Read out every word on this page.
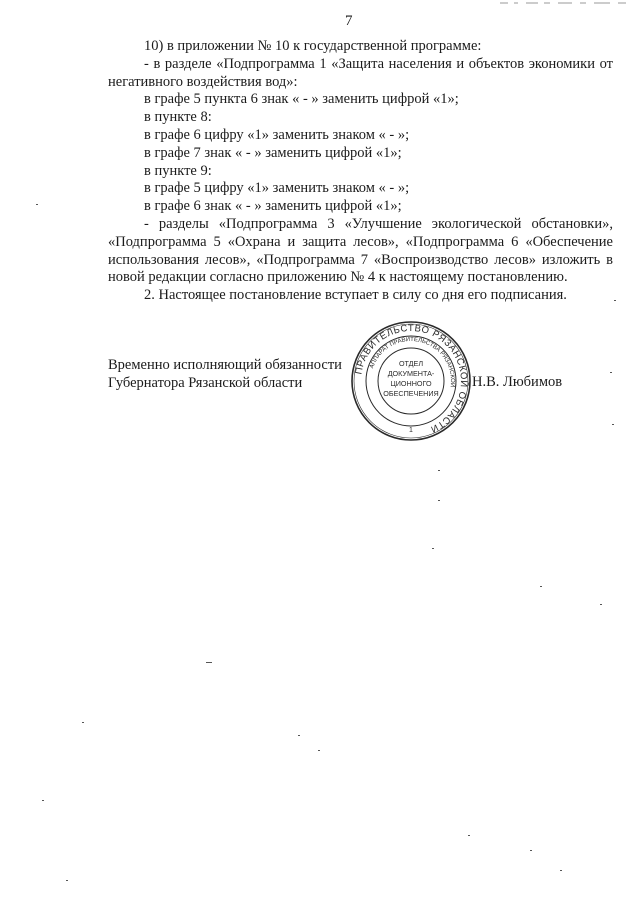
7

10) в приложении № 10 к государственной программе:

- в разделе «Подпрограмма 1 «Защита населения и объектов экономики от негативного воздействия вод»:

в графе 5 пункта 6 знак « - » заменить цифрой «1»;

в пункте 8:

в графе 6 цифру «1» заменить знаком « - »;

в графе 7 знак « - » заменить цифрой «1»;

в пункте 9:

в графе 5 цифру «1» заменить знаком « - »;

в графе 6 знак « - » заменить цифрой «1»;

- разделы «Подпрограмма 3 «Улучшение экологической обстановки», «Подпрограмма 5 «Охрана и защита лесов», «Подпрограмма 6 «Обеспечение использования лесов», «Подпрограмма 7 «Воспроизводство лесов» изложить в новой редакции согласно приложению № 4 к настоящему постановлению.

2. Настоящее постановление вступает в силу со дня его подписания.

Временно исполняющий обязанности
Губернатора Рязанской области	Н.В. Любимов
ПРАВИТЕЛЬСТВО РЯЗАНСКОЙ ОБЛАСТИ
АППАРАТ ПРАВИТЕЛЬСТВА РЯЗАНСКОЙ
ОТДЕЛ
ДОКУМЕНТА-
ЦИОННОГО
ОБЕСПЕЧЕНИЯ
1
